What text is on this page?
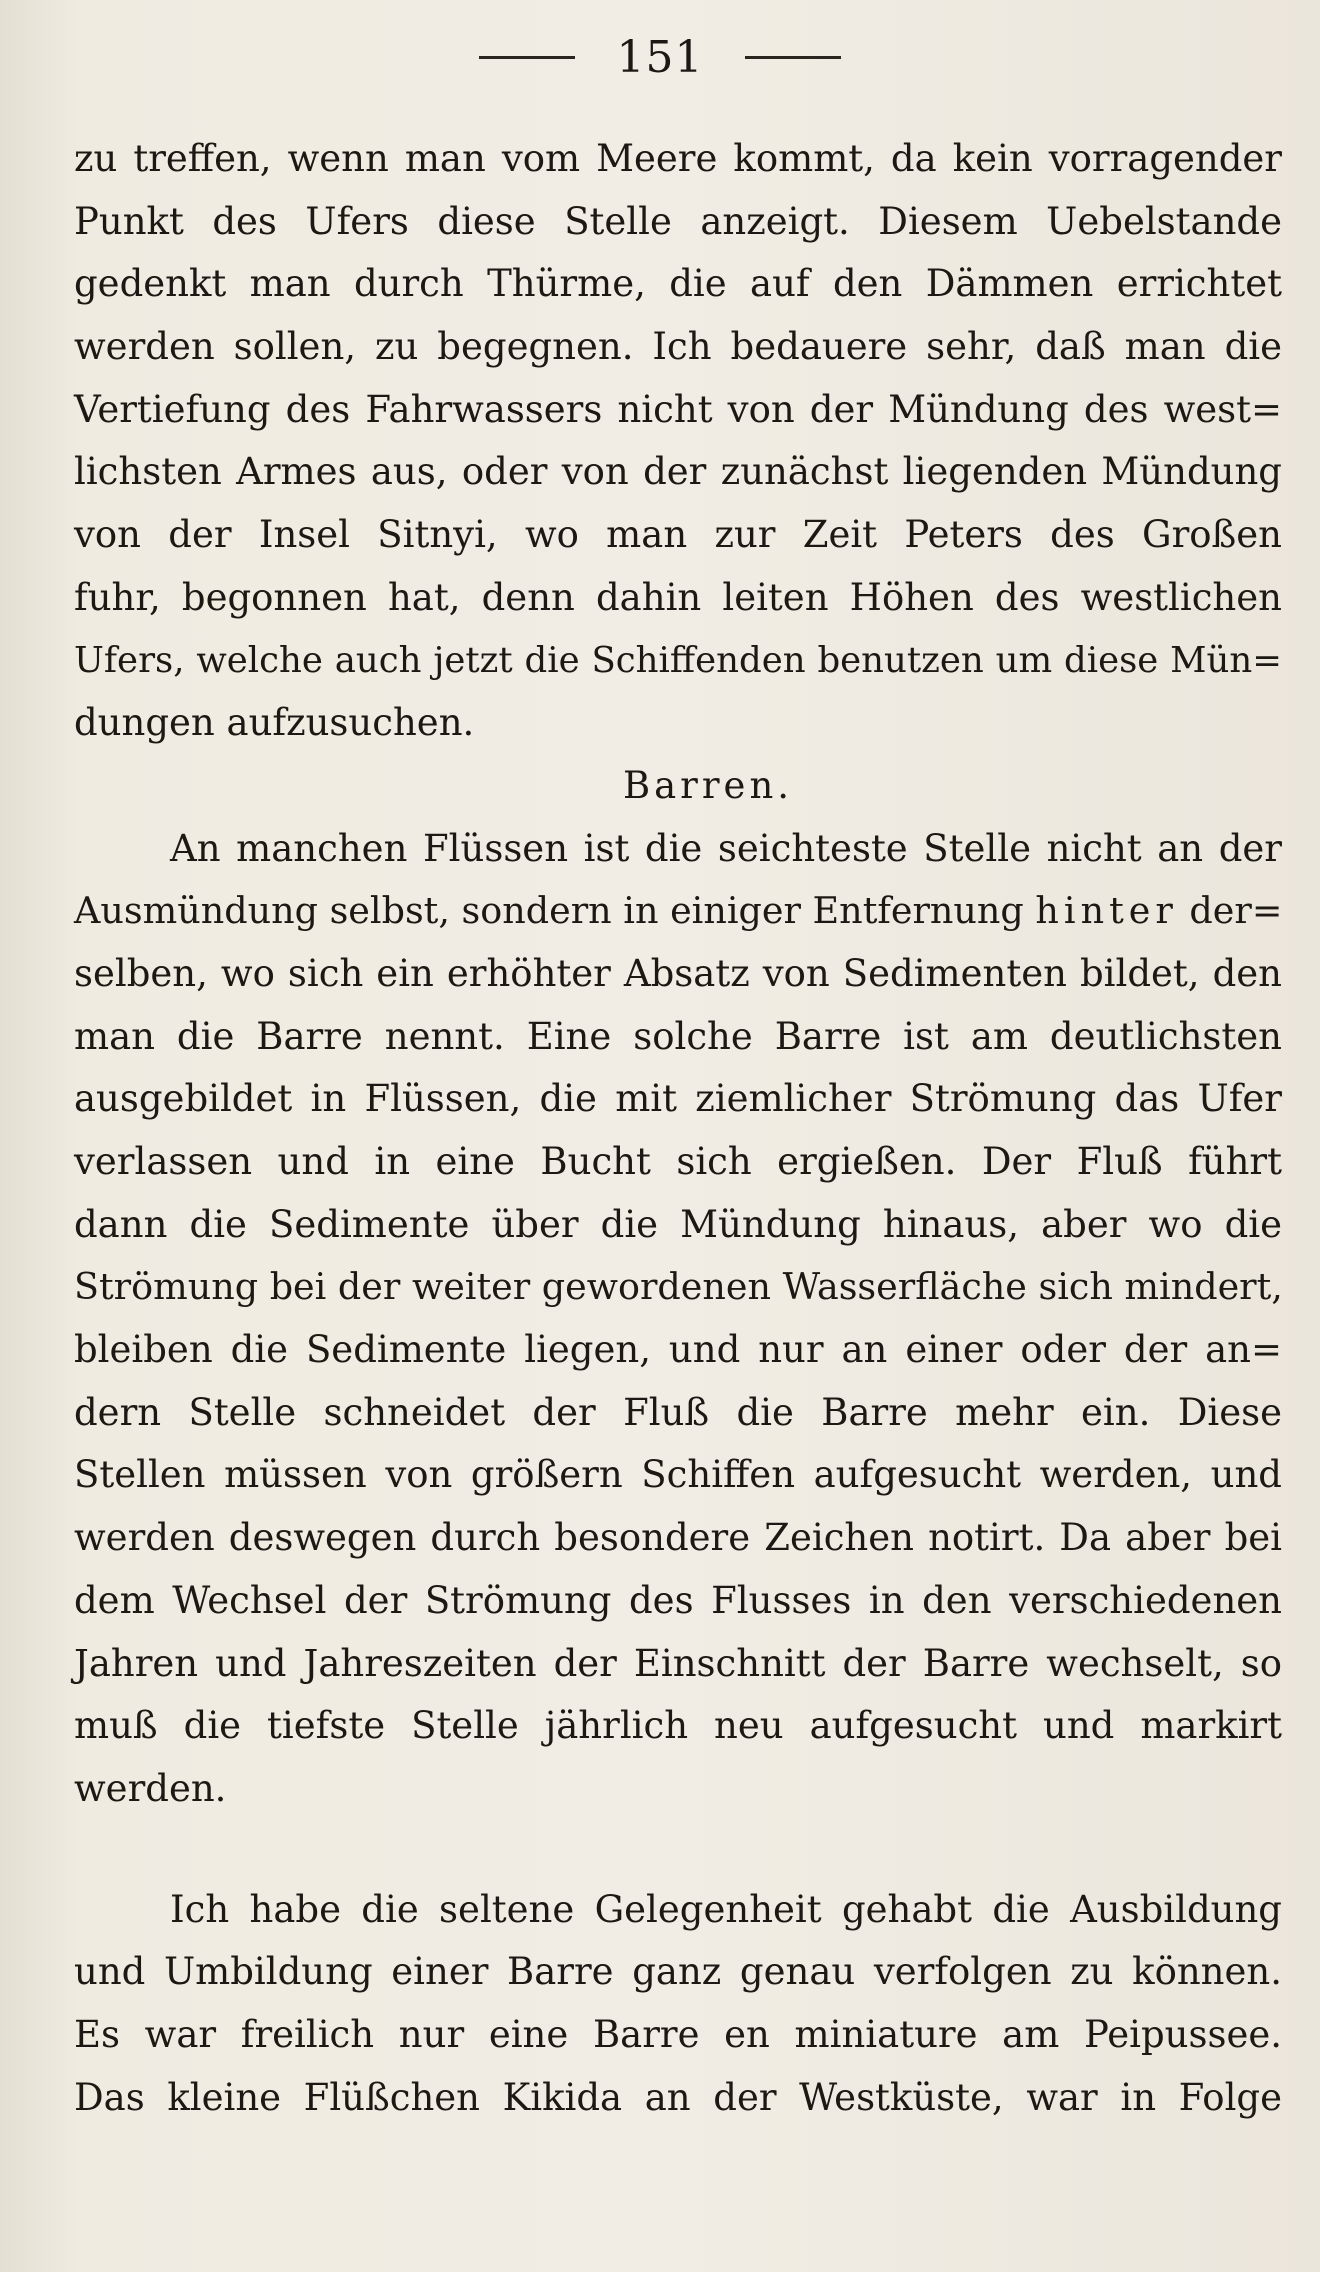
151
zu treffen, wenn man vom Meere kommt, da kein vorragender
Punkt des Ufers diese Stelle anzeigt. Diesem Uebelstande
gedenkt man durch Thürme, die auf den Dämmen errichtet
werden sollen, zu begegnen. Ich bedauere sehr, daß man die
Vertiefung des Fahrwassers nicht von der Mündung des west=
lichsten Armes aus, oder von der zunächst liegenden Mündung
von der Insel Sitnyi, wo man zur Zeit Peters des Großen
fuhr, begonnen hat, denn dahin leiten Höhen des westlichen
Ufers, welche auch jetzt die Schiffenden benutzen um diese Mün=
dungen aufzusuchen.
Barren.
An manchen Flüssen ist die seichteste Stelle nicht an der
Ausmündung selbst, sondern in einiger Entfernung hinter der=
selben, wo sich ein erhöhter Absatz von Sedimenten bildet, den
man die Barre nennt. Eine solche Barre ist am deutlichsten
ausgebildet in Flüssen, die mit ziemlicher Strömung das Ufer
verlassen und in eine Bucht sich ergießen. Der Fluß führt
dann die Sedimente über die Mündung hinaus, aber wo die
Strömung bei der weiter gewordenen Wasserfläche sich mindert,
bleiben die Sedimente liegen, und nur an einer oder der an=
dern Stelle schneidet der Fluß die Barre mehr ein. Diese
Stellen müssen von größern Schiffen aufgesucht werden, und
werden deswegen durch besondere Zeichen notirt. Da aber bei
dem Wechsel der Strömung des Flusses in den verschiedenen
Jahren und Jahreszeiten der Einschnitt der Barre wechselt, so
muß die tiefste Stelle jährlich neu aufgesucht und markirt
werden.
Ich habe die seltene Gelegenheit gehabt die Ausbildung
und Umbildung einer Barre ganz genau verfolgen zu können.
Es war freilich nur eine Barre en miniature am Peipussee.
Das kleine Flüßchen Kikida an der Westküste, war in Folge
